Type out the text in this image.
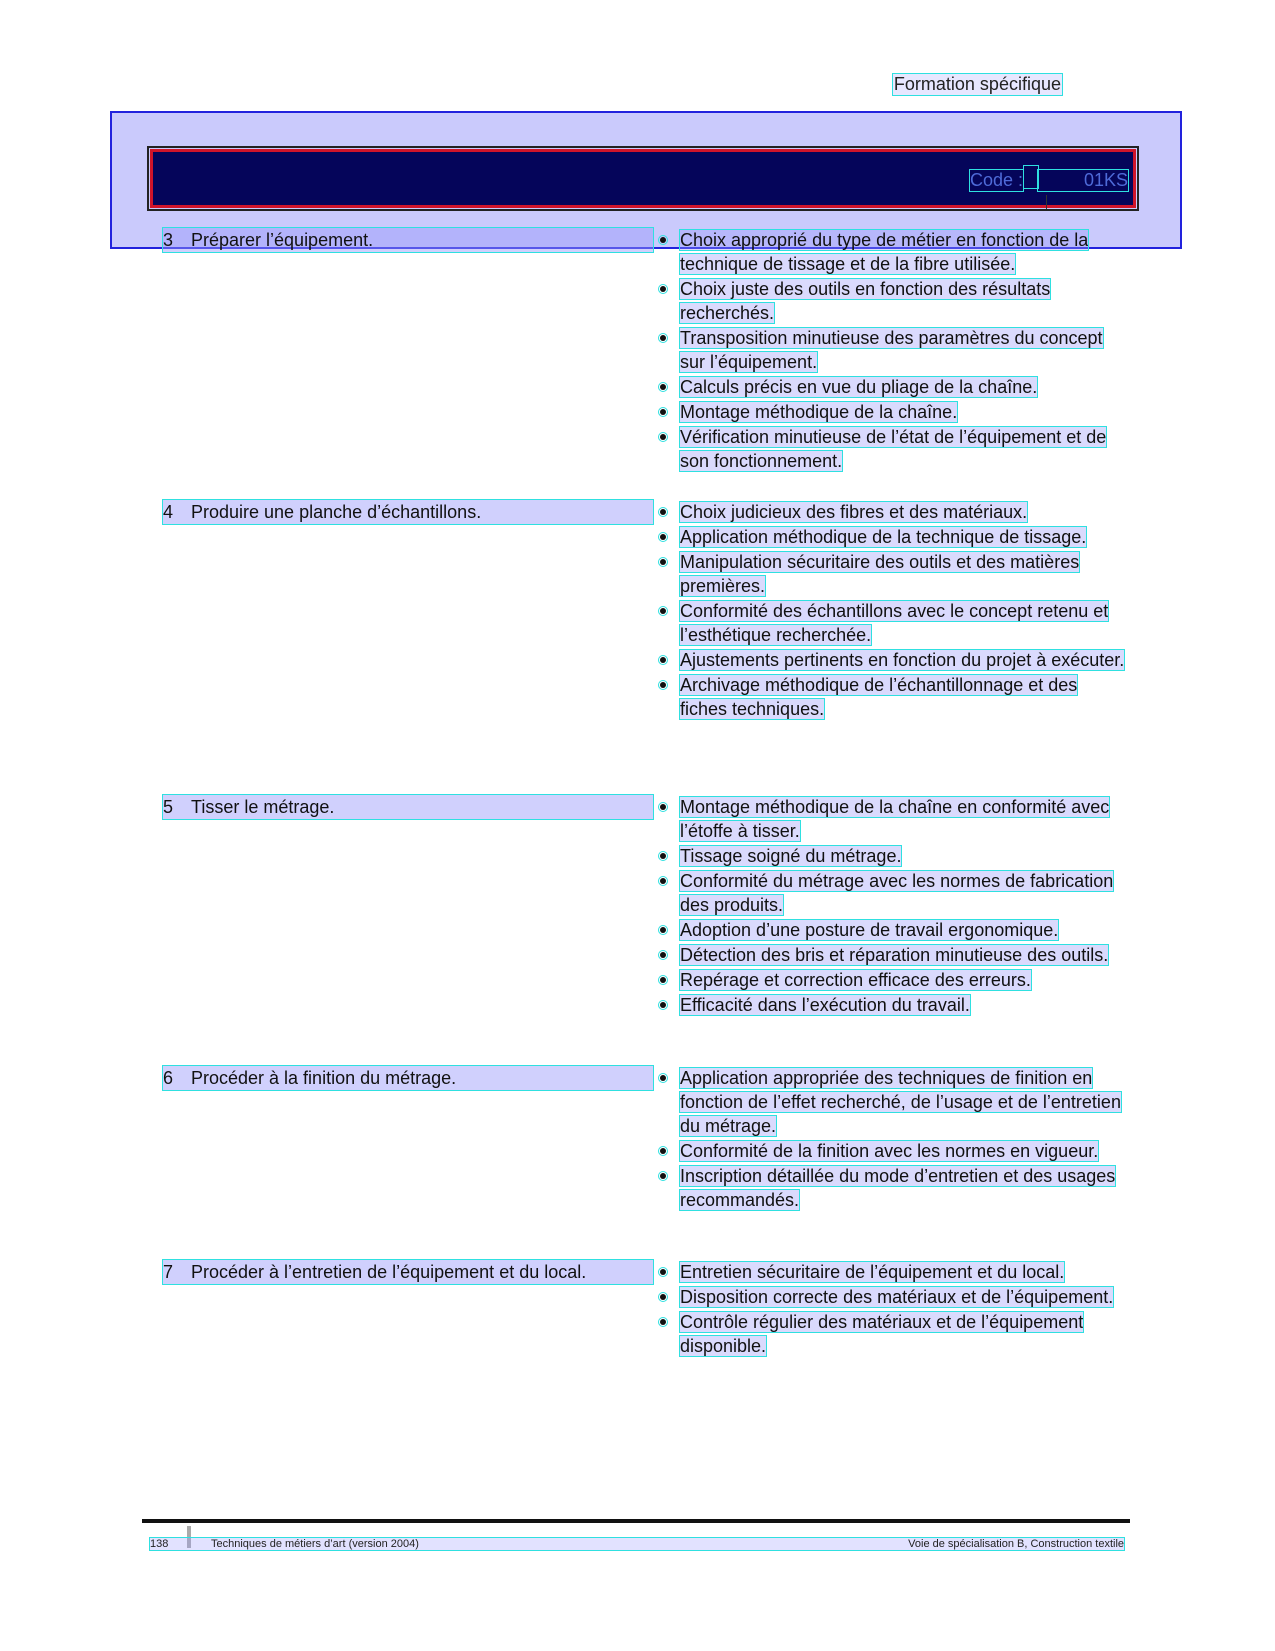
Formation spécifique
Code :	01KS
3 Préparer l’équipement.	Choix approprié du type de métier en fonction de la technique de tissage et de la fibre utilisée.
Choix juste des outils en fonction des résultats recherchés.
Transposition minutieuse des paramètres du concept sur l’équipement.
Calculs précis en vue du pliage de la chaîne.
Montage méthodique de la chaîne.
Vérification minutieuse de l’état de l’équipement et de son fonctionnement.
4 Produire une planche d’échantillons.	Choix judicieux des fibres et des matériaux.
Application méthodique de la technique de tissage.
Manipulation sécuritaire des outils et des matières premières.
Conformité des échantillons avec le concept retenu et l’esthétique recherchée.
Ajustements pertinents en fonction du projet à exécuter.
Archivage méthodique de l’échantillonnage et des fiches techniques.
5 Tisser le métrage.	Montage méthodique de la chaîne en conformité avec l’étoffe à tisser.
Tissage soigné du métrage.
Conformité du métrage avec les normes de fabrication des produits.
Adoption d’une posture de travail ergonomique.
Détection des bris et réparation minutieuse des outils.
Repérage et correction efficace des erreurs.
Efficacité dans l’exécution du travail.
6 Procéder à la finition du métrage.	Application appropriée des techniques de finition en fonction de l’effet recherché, de l’usage et de l’entretien du métrage.
Conformité de la finition avec les normes en vigueur.
Inscription détaillée du mode d’entretien et des usages recommandés.
7 Procéder à l’entretien de l’équipement et du local.	Entretien sécuritaire de l’équipement et du local.
Disposition correcte des matériaux et de l’équipement.
Contrôle régulier des matériaux et de l’équipement disponible.
138	Techniques de métiers d’art (version 2004)	Voie de spécialisation B, Construction textile
